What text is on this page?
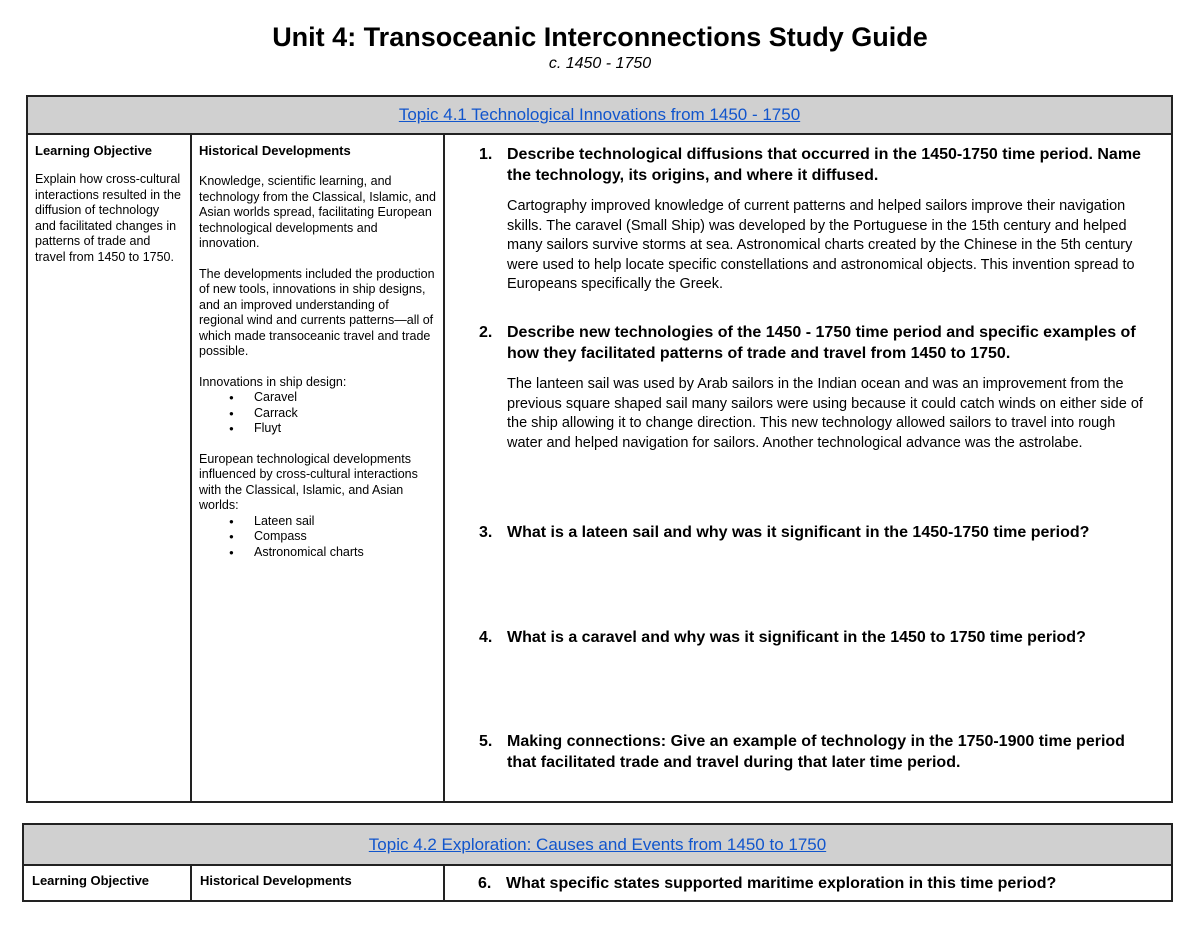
Unit 4: Transoceanic Interconnections Study Guide
c. 1450 - 1750
Topic 4.1 Technological Innovations from 1450 - 1750
Learning Objective

Explain how cross-cultural interactions resulted in the diffusion of technology and facilitated changes in patterns of trade and travel from 1450 to 1750.

Historical Developments

Knowledge, scientific learning, and technology from the Classical, Islamic, and Asian worlds spread, facilitating European technological developments and innovation.

The developments included the production of new tools, innovations in ship designs, and an improved understanding of regional wind and currents patterns—all of which made transoceanic travel and trade possible.

Innovations in ship design:

● Caravel
● Carrack
● Fluyt

European technological developments influenced by cross-cultural interactions with the Classical, Islamic, and Asian worlds:

● Lateen sail
● Compass
● Astronomical charts
1. Describe technological diffusions that occurred in the 1450-1750 time period. Name the technology, its origins, and where it diffused.
Cartography improved knowledge of current patterns and helped sailors improve their navigation skills. The caravel (Small Ship) was developed by the Portuguese in the 15th century and helped many sailors survive storms at sea. Astronomical charts created by the Chinese in the 5th century were used to help locate specific constellations and astronomical objects. This invention spread to Europeans specifically the Greek.
2. Describe new technologies of the 1450 - 1750 time period and specific examples of how they facilitated patterns of trade and travel from 1450 to 1750.
The lanteen sail was used by Arab sailors in the Indian ocean and was an improvement from the previous square shaped sail many sailors were using because it could catch winds on either side of the ship allowing it to change direction. This new technology allowed sailors to travel into rough water and helped navigation for sailors. Another technological advance was the astrolabe.
3. What is a lateen sail and why was it significant in the 1450-1750 time period?
4. What is a caravel and why was it significant in the 1450 to 1750 time period?
5. Making connections: Give an example of technology in the 1750-1900 time period that facilitated trade and travel during that later time period.
Topic 4.2 Exploration: Causes and Events from 1450 to 1750
Learning Objective	Historical Developments	6. What specific states supported maritime exploration in this time period?
